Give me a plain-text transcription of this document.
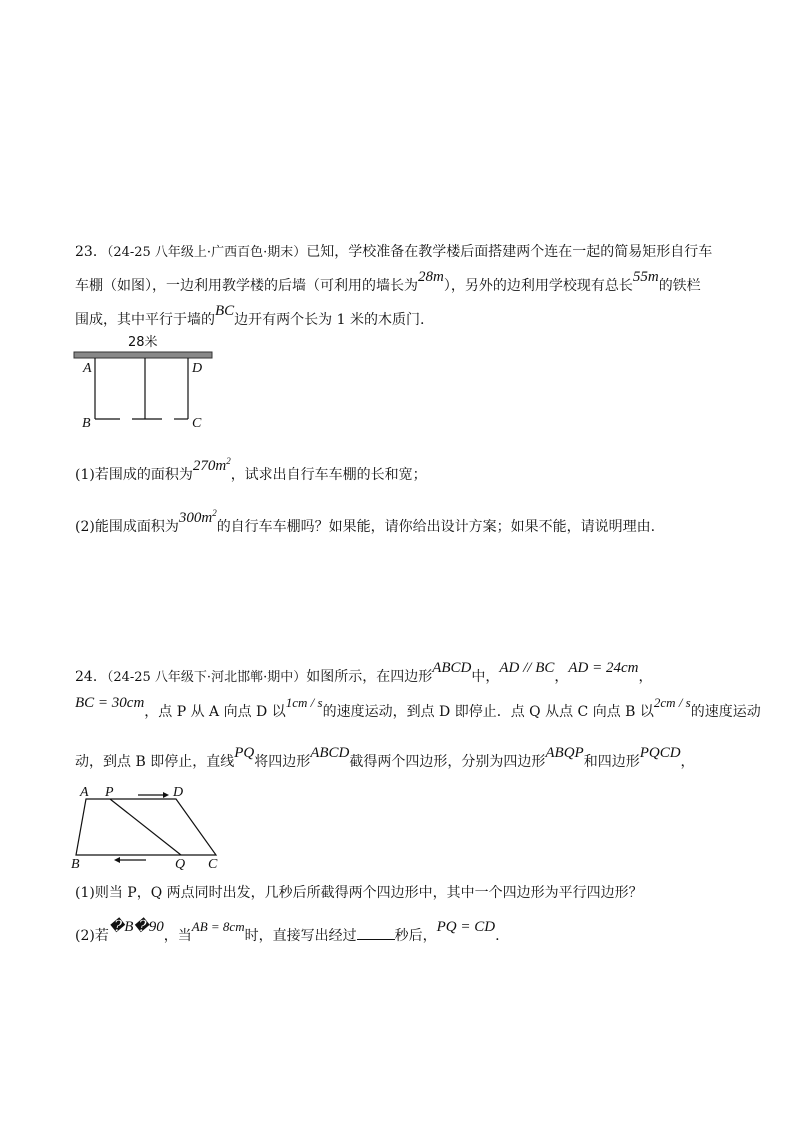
23．（24-25 八年级上·广西百色·期末）已知，学校准备在教学楼后面搭建两个连在一起的简易矩形自行车
车棚（如图），一边利用教学楼的后墙（可利用的墙长为28m），另外的边利用学校现有总长55m的铁栏
围成，其中平行于墙的BC边开有两个长为 1 米的木质门.
28米
A	D
B	C
(1)若围成的面积为$270m^2$，试求出自行车车棚的长和宽；
(2)能围成面积为$300m^2$的自行车车棚吗？如果能，请你给出设计方案；如果不能，请说明理由.
24．（24-25 八年级下·河北邯郸·期中）如图所示，在四边形ABCD中，AD // BC，AD = 24cm，
BC = 30cm，点 P 从 A 向点 D 以1cm / s的速度运动，到点 D 即停止．点 Q 从点 C 向点 B 以2cm / s的速度运动
动，到点 B 即停止，直线PQ将四边形ABCD截得两个四边形，分别为四边形ABQP和四边形PQCD，
A P	D
B	Q C
(1)则当 P，Q 两点同时出发，几秒后所截得两个四边形中，其中一个四边形为平行四边形？
(2)若�B�90，当AB = 8cm时，直接写出经过	秒后，PQ = CD.
